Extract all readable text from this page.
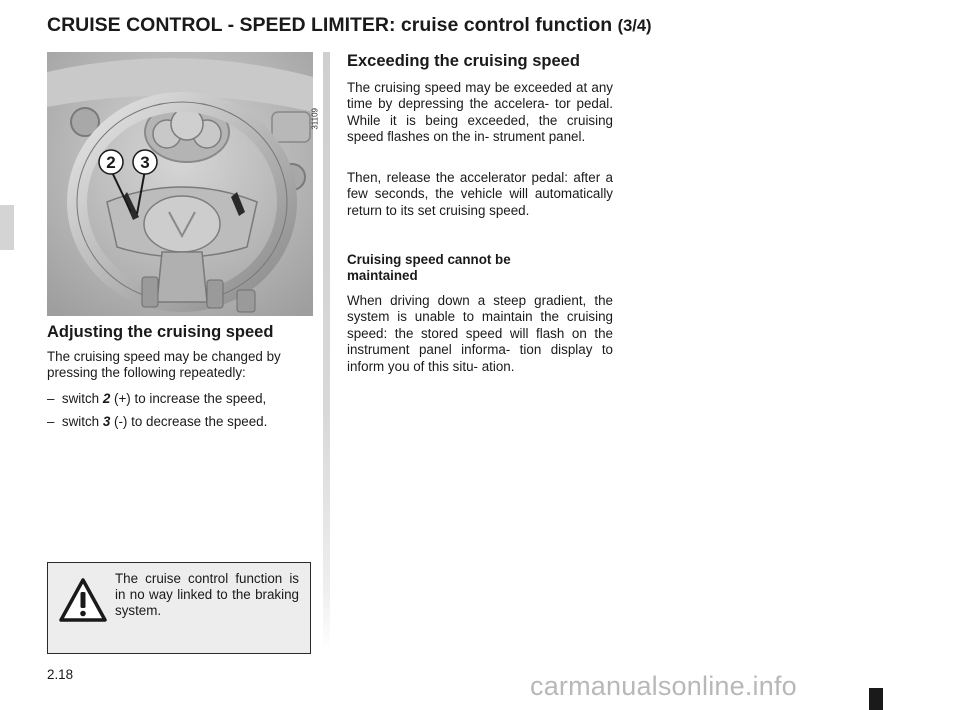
CRUISE CONTROL - SPEED LIMITER: cruise control function (3/4)
2 3
31109
Adjusting the cruising speed
The cruising speed may be changed by pressing the following repeatedly:
– switch 2 (+) to increase the speed,
– switch 3 (-) to decrease the speed.
Exceeding the cruising speed
The cruising speed may be exceeded at any time by depressing the accelera- tor pedal. While it is being exceeded, the cruising speed flashes on the in- strument panel.
Then, release the accelerator pedal: after a few seconds, the vehicle will automatically return to its set cruising speed.
Cruising speed cannot be maintained
When driving down a steep gradient, the system is unable to maintain the cruising speed: the stored speed will flash on the instrument panel informa- tion display to inform you of this situ- ation.
The cruise control function is in no way linked to the braking system.
2.18	carmanualsonline.info
